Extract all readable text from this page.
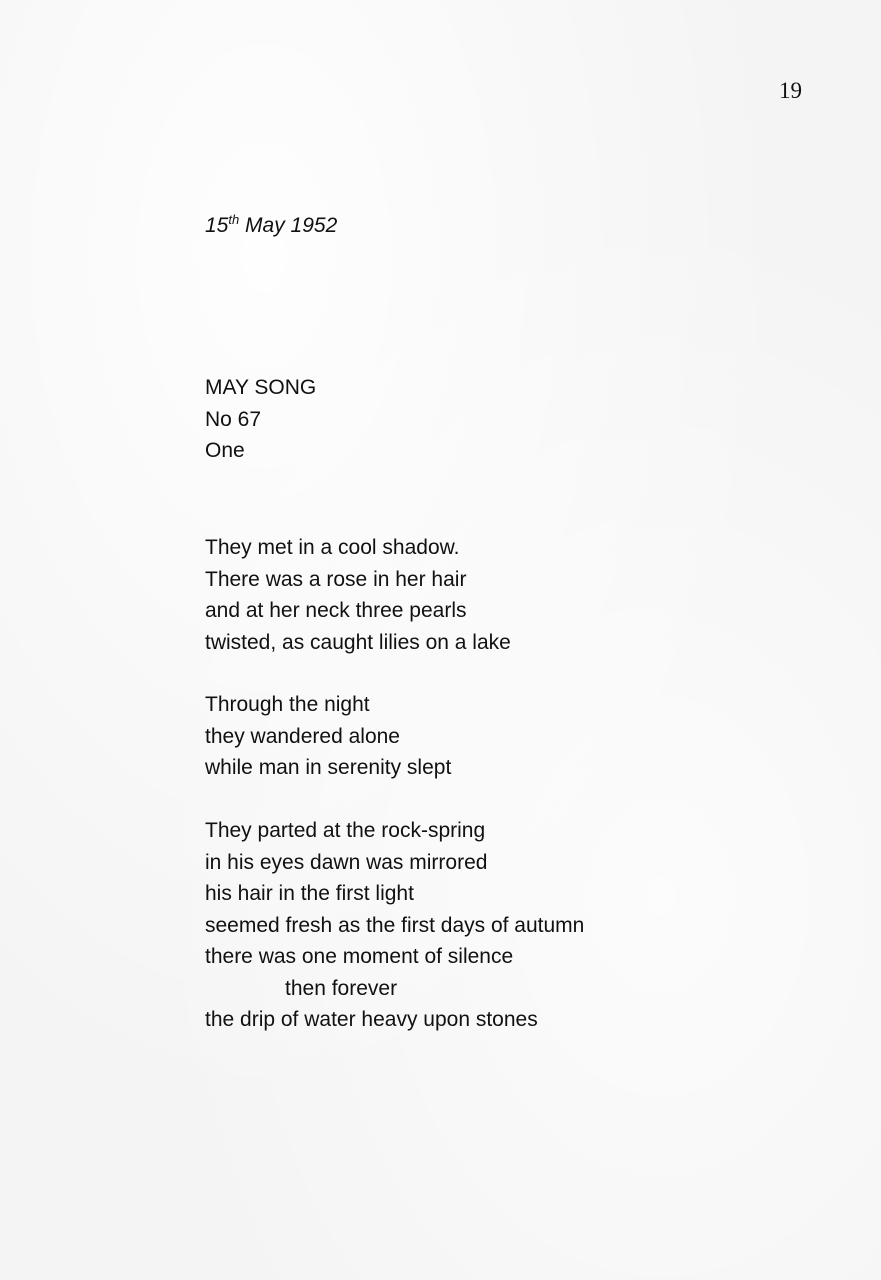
19
15th May 1952
MAY SONG
No 67
One
They met in a cool shadow.
There was a rose in her hair
and at her neck three pearls
twisted, as caught lilies on a lake
Through the night
they wandered alone
while man in serenity slept
They parted at the rock-spring
in his eyes dawn was mirrored
his hair in the first light
seemed fresh as the first days of autumn
there was one moment of silence
then forever
the drip of water heavy upon stones
